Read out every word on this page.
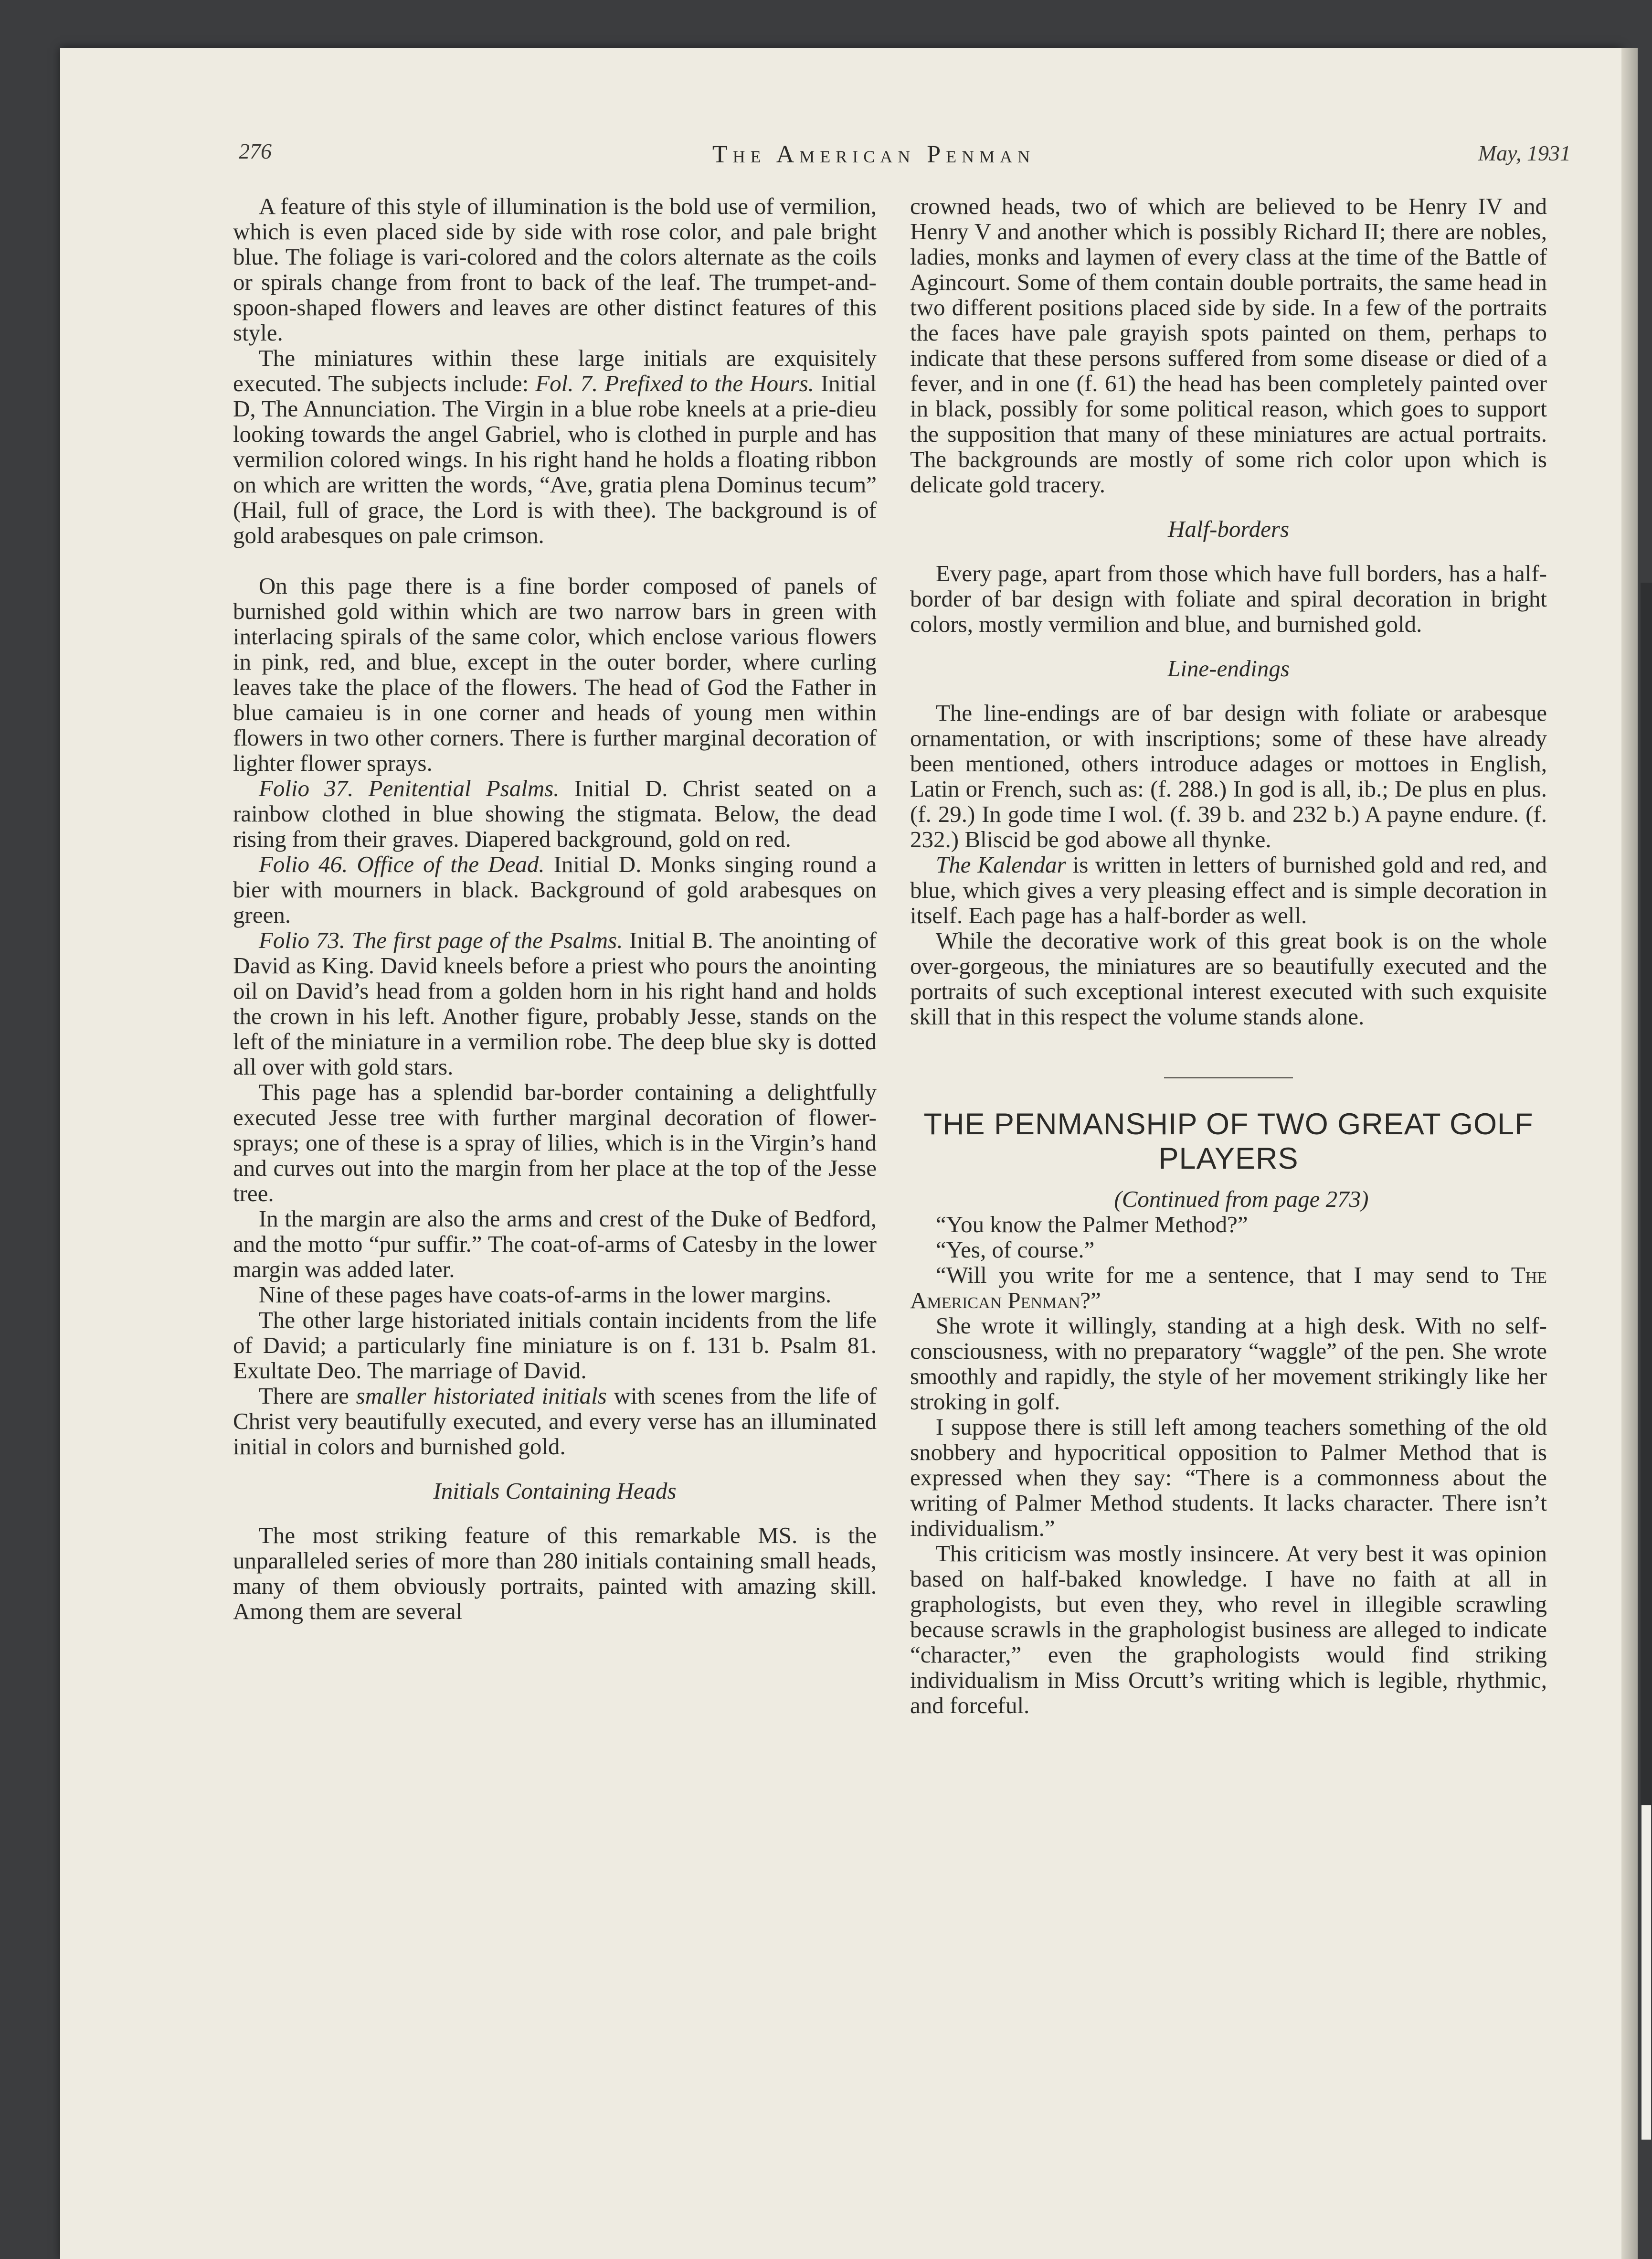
276	The American Penman	May, 1931

A feature of this style of illumination is the bold use of vermilion, which is even placed side by side with rose color, and pale bright blue. The foliage is vari-colored and the colors alternate as the coils or spirals change from front to back of the leaf. The trumpet-and-spoon-shaped flowers and leaves are other distinct features of this style.

The miniatures within these large initials are exquisitely executed. The subjects include: Fol. 7. Prefixed to the Hours. Initial D, The Annunciation. The Virgin in a blue robe kneels at a prie-dieu looking towards the angel Gabriel, who is clothed in purple and has vermilion colored wings. In his right hand he holds a floating ribbon on which are written the words, “Ave, gratia plena Dominus tecum” (Hail, full of grace, the Lord is with thee). The background is of gold arabesques on pale crimson.

On this page there is a fine border composed of panels of burnished gold within which are two narrow bars in green with interlacing spirals of the same color, which enclose various flowers in pink, red, and blue, except in the outer border, where curling leaves take the place of the flowers. The head of God the Father in blue camaieu is in one corner and heads of young men within flowers in two other corners. There is further marginal decoration of lighter flower sprays.

Folio 37. Penitential Psalms. Initial D. Christ seated on a rainbow clothed in blue showing the stigmata. Below, the dead rising from their graves. Diapered background, gold on red.

Folio 46. Office of the Dead. Initial D. Monks singing round a bier with mourners in black. Background of gold arabesques on green.

Folio 73. The first page of the Psalms. Initial B. The anointing of David as King. David kneels before a priest who pours the anointing oil on David’s head from a golden horn in his right hand and holds the crown in his left. Another figure, probably Jesse, stands on the left of the miniature in a vermilion robe. The deep blue sky is dotted all over with gold stars.

This page has a splendid bar-border containing a delightfully executed Jesse tree with further marginal decoration of flower-sprays; one of these is a spray of lilies, which is in the Virgin’s hand and curves out into the margin from her place at the top of the Jesse tree.

In the margin are also the arms and crest of the Duke of Bedford, and the motto “pur suffir.” The coat-of-arms of Catesby in the lower margin was added later.

Nine of these pages have coats-of-arms in the lower margins.

The other large historiated initials contain incidents from the life of David; a particularly fine miniature is on f. 131 b. Psalm 81. Exultate Deo. The marriage of David.

There are smaller historiated initials with scenes from the life of Christ very beautifully executed, and every verse has an illuminated initial in colors and burnished gold.

Initials Containing Heads

The most striking feature of this remarkable MS. is the unparalleled series of more than 280 initials containing small heads, many of them obviously portraits, painted with amazing skill. Among them are several

crowned heads, two of which are believed to be Henry IV and Henry V and another which is possibly Richard II; there are nobles, ladies, monks and laymen of every class at the time of the Battle of Agincourt. Some of them contain double portraits, the same head in two different positions placed side by side. In a few of the portraits the faces have pale grayish spots painted on them, perhaps to indicate that these persons suffered from some disease or died of a fever, and in one (f. 61) the head has been completely painted over in black, possibly for some political reason, which goes to support the supposition that many of these miniatures are actual portraits. The backgrounds are mostly of some rich color upon which is delicate gold tracery.

Half-borders

Every page, apart from those which have full borders, has a half-border of bar design with foliate and spiral decoration in bright colors, mostly vermilion and blue, and burnished gold.

Line-endings

The line-endings are of bar design with foliate or arabesque ornamentation, or with inscriptions; some of these have already been mentioned, others introduce adages or mottoes in English, Latin or French, such as: (f. 288.) In god is all, ib.; De plus en plus. (f. 29.) In gode time I wol. (f. 39 b. and 232 b.) A payne endure. (f. 232.) Bliscid be god abowe all thynke.

The Kalendar is written in letters of burnished gold and red, and blue, which gives a very pleasing effect and is simple decoration in itself. Each page has a half-border as well.

While the decorative work of this great book is on the whole over-gorgeous, the miniatures are so beautifully executed and the portraits of such exceptional interest executed with such exquisite skill that in this respect the volume stands alone.

THE PENMANSHIP OF TWO GREAT GOLF PLAYERS

(Continued from page 273)

“You know the Palmer Method?”

“Yes, of course.”

“Will you write for me a sentence, that I may send to The American Penman?”

She wrote it willingly, standing at a high desk. With no self-consciousness, with no preparatory “waggle” of the pen. She wrote smoothly and rapidly, the style of her movement strikingly like her stroking in golf.

I suppose there is still left among teachers something of the old snobbery and hypocritical opposition to Palmer Method that is expressed when they say: “There is a commonness about the writing of Palmer Method students. It lacks character. There isn’t individualism.”

This criticism was mostly insincere. At very best it was opinion based on half-baked knowledge. I have no faith at all in graphologists, but even they, who revel in illegible scrawling because scrawls in the graphologist business are alleged to indicate “character,” even the graphologists would find striking individualism in Miss Orcutt’s writing which is legible, rhythmic, and forceful.
